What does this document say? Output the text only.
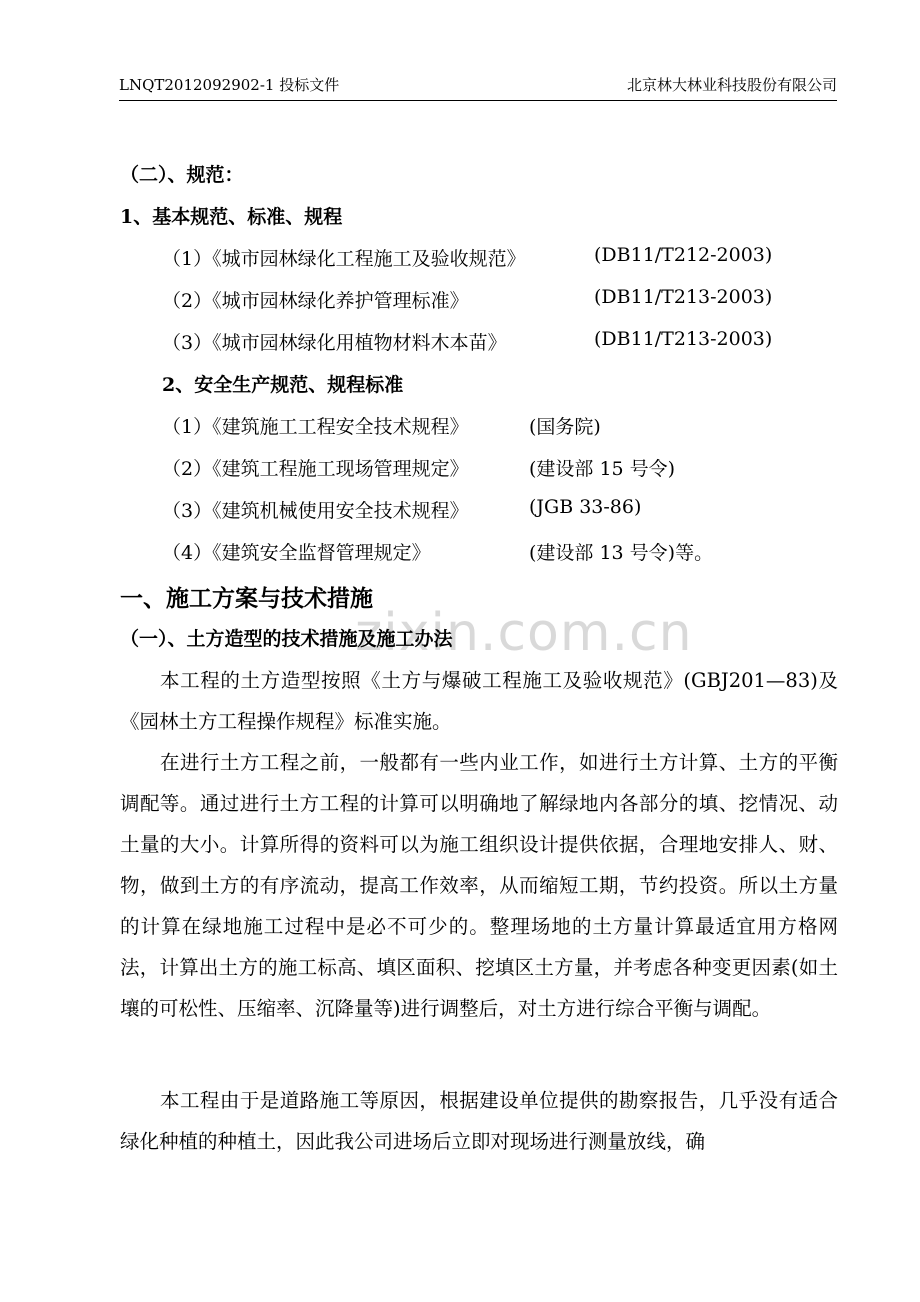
LNQT2012092902-1 投标文件	北京林大林业科技股份有限公司
（二）、规范：
1、基本规范、标准、规程
（1）《城市园林绿化工程施工及验收规范》	(DB11/T212-2003)
（2）《城市园林绿化养护管理标准》	(DB11/T213-2003)
（3）《城市园林绿化用植物材料木本苗》	(DB11/T213-2003)
2、安全生产规范、规程标准
（1）《建筑施工工程安全技术规程》	(国务院)
（2）《建筑工程施工现场管理规定》	(建设部 15 号令)
（3）《建筑机械使用安全技术规程》	(JGB 33-86)
（4）《建筑安全监督管理规定》	(建设部 13 号令)等。
一、施工方案与技术措施
zixin.com.cn
（一）、土方造型的技术措施及施工办法
本工程的土方造型按照《土方与爆破工程施工及验收规范》(GBJ201—83)及《园林土方工程操作规程》标准实施。
在进行土方工程之前，一般都有一些内业工作，如进行土方计算、土方的平衡调配等。通过进行土方工程的计算可以明确地了解绿地内各部分的填、挖情况、动土量的大小。计算所得的资料可以为施工组织设计提供依据，合理地安排人、财、物，做到土方的有序流动，提高工作效率，从而缩短工期，节约投资。所以土方量的计算在绿地施工过程中是必不可少的。整理场地的土方量计算最适宜用方格网法，计算出土方的施工标高、填区面积、挖填区土方量，并考虑各种变更因素(如土壤的可松性、压缩率、沉降量等)进行调整后，对土方进行综合平衡与调配。
本工程由于是道路施工等原因，根据建设单位提供的勘察报告，几乎没有适合绿化种植的种植土，因此我公司进场后立即对现场进行测量放线，确
